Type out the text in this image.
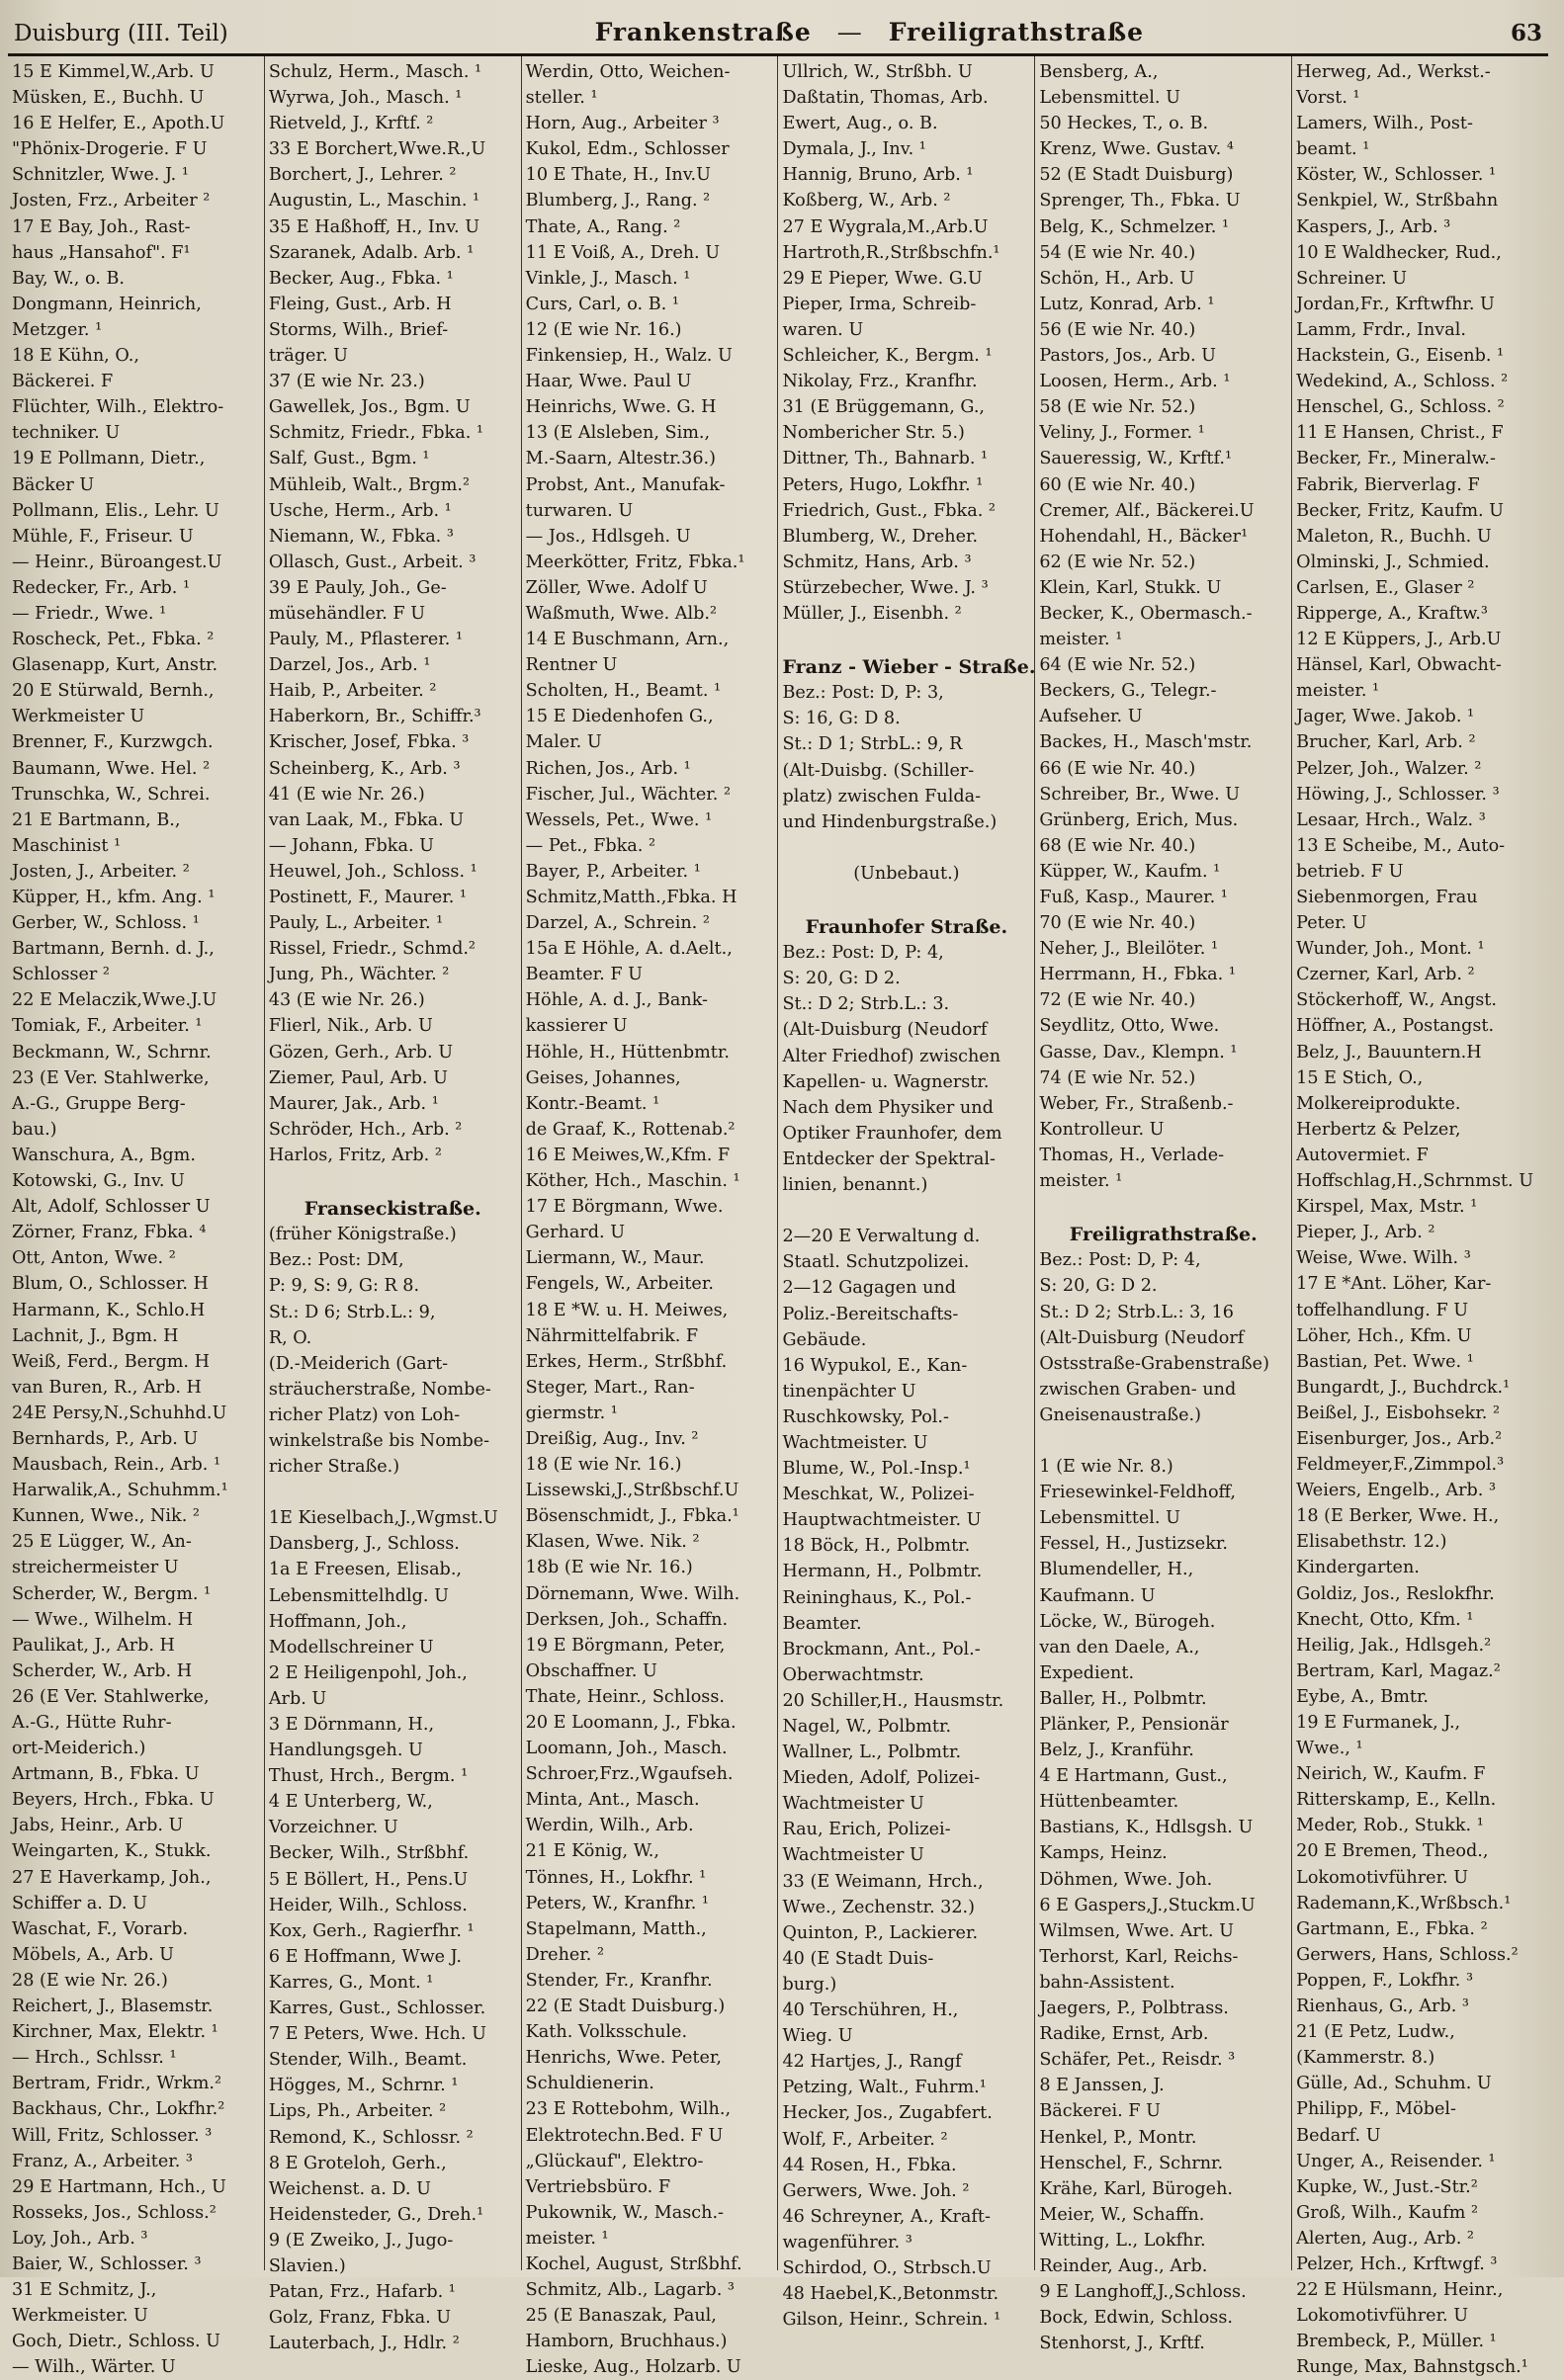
Duisburg (III. Teil)	Frankenstraße — Freiligrathstraße	63
15 E Kimmel,W.,Arb. U
Müsken, E., Buchh. U
16 E Helfer, E., Apoth.U
"Phönix-Drogerie. F U
Schnitzler, Wwe. J. ¹
Josten, Frz., Arbeiter ²
17 E Bay, Joh., Rast-
haus „Hansahof". F¹
Bay, W., o. B.
Dongmann, Heinrich,
Metzger. ¹
18 E Kühn, O.,
Bäckerei. F
Flüchter, Wilh., Elektro-
techniker. U
19 E Pollmann, Dietr.,
Bäcker U
Pollmann, Elis., Lehr. U
Mühle, F., Friseur. U
— Heinr., Büroangest.U
Redecker, Fr., Arb. ¹
— Friedr., Wwe. ¹
Roscheck, Pet., Fbka. ²
Glasenapp, Kurt, Anstr.
20 E Stürwald, Bernh.,
Werkmeister U
Brenner, F., Kurzwgch.
Baumann, Wwe. Hel. ²
Trunschka, W., Schrei.
21 E Bartmann, B.,
Maschinist ¹
Josten, J., Arbeiter. ²
Küpper, H., kfm. Ang. ¹
Gerber, W., Schloss. ¹
Bartmann, Bernh. d. J.,
Schlosser ²
22 E Melaczik,Wwe.J.U
Tomiak, F., Arbeiter. ¹
Beckmann, W., Schrnr.
23 (E Ver. Stahlwerke,
A.-G., Gruppe Berg-
bau.)
Wanschura, A., Bgm.
Kotowski, G., Inv. U
Alt, Adolf, Schlosser U
Zörner, Franz, Fbka. ⁴
Ott, Anton, Wwe. ²
Blum, O., Schlosser. H
Harmann, K., Schlo.H
Lachnit, J., Bgm. H
Weiß, Ferd., Bergm. H
van Buren, R., Arb. H
24E Persy,N.,Schuhhd.U
Bernhards, P., Arb. U
Mausbach, Rein., Arb. ¹
Harwalik,A., Schuhmm.¹
Kunnen, Wwe., Nik. ²
25 E Lügger, W., An-
streichermeister U
Scherder, W., Bergm. ¹
— Wwe., Wilhelm. H
Paulikat, J., Arb. H
Scherder, W., Arb. H
26 (E Ver. Stahlwerke,
A.-G., Hütte Ruhr-
ort-Meiderich.)
Artmann, B., Fbka. U
Beyers, Hrch., Fbka. U
Jabs, Heinr., Arb. U
Weingarten, K., Stukk.
27 E Haverkamp, Joh.,
Schiffer a. D. U
Waschat, F., Vorarb.
Möbels, A., Arb. U
28 (E wie Nr. 26.)
Reichert, J., Blasemstr.
Kirchner, Max, Elektr. ¹
— Hrch., Schlssr. ¹
Bertram, Fridr., Wrkm.²
Backhaus, Chr., Lokfhr.²
Will, Fritz, Schlosser. ³
Franz, A., Arbeiter. ³
29 E Hartmann, Hch., U
Rosseks, Jos., Schloss.²
Loy, Joh., Arb. ³
Baier, W., Schlosser. ³
31 E Schmitz, J.,
Werkmeister. U
Goch, Dietr., Schloss. U
— Wilh., Wärter. U
Schulz, Herm., Masch. ¹
Wyrwa, Joh., Masch. ¹
Rietveld, J., Krftf. ²
33 E Borchert,Wwe.R.,U
Borchert, J., Lehrer. ²
Augustin, L., Maschin. ¹
35 E Haßhoff, H., Inv. U
Szaranek, Adalb. Arb. ¹
Becker, Aug., Fbka. ¹
Fleing, Gust., Arb. H
Storms, Wilh., Brief-
träger. U
37 (E wie Nr. 23.)
Gawellek, Jos., Bgm. U
Schmitz, Friedr., Fbka. ¹
Salf, Gust., Bgm. ¹
Mühleib, Walt., Brgm.²
Usche, Herm., Arb. ¹
Niemann, W., Fbka. ³
Ollasch, Gust., Arbeit. ³
39 E Pauly, Joh., Ge-
müsehändler. F U
Pauly, M., Pflasterer. ¹
Darzel, Jos., Arb. ¹
Haib, P., Arbeiter. ²
Haberkorn, Br., Schiffr.³
Krischer, Josef, Fbka. ³
Scheinberg, K., Arb. ³
41 (E wie Nr. 26.)
van Laak, M., Fbka. U
— Johann, Fbka. U
Heuwel, Joh., Schloss. ¹
Postinett, F., Maurer. ¹
Pauly, L., Arbeiter. ¹
Rissel, Friedr., Schmd.²
Jung, Ph., Wächter. ²
43 (E wie Nr. 26.)
Flierl, Nik., Arb. U
Gözen, Gerh., Arb. U
Ziemer, Paul, Arb. U
Maurer, Jak., Arb. ¹
Schröder, Hch., Arb. ²
Harlos, Fritz, Arb. ²

Franseckistraße.
(früher Königstraße.)
Bez.: Post: DM,
P: 9, S: 9, G: R 8.
St.: D 6; Strb.L.: 9,
R, O.
(D.-Meiderich (Gart-
sträucherstraße, Nombe-
richer Platz) von Loh-
winkelstraße bis Nombe-
richer Straße.)

1E Kieselbach,J.,Wgmst.U
Dansberg, J., Schloss.
1a E Freesen, Elisab.,
Lebensmittelhdlg. U
Hoffmann, Joh.,
Modellschreiner U
2 E Heiligenpohl, Joh.,
Arb. U
3 E Dörnmann, H.,
Handlungsgeh. U
Thust, Hrch., Bergm. ¹
4 E Unterberg, W.,
Vorzeichner. U
Becker, Wilh., Strßbhf.
5 E Böllert, H., Pens.U
Heider, Wilh., Schloss.
Kox, Gerh., Ragierfhr. ¹
6 E Hoffmann, Wwe J.
Karres, G., Mont. ¹
Karres, Gust., Schlosser.
7 E Peters, Wwe. Hch. U
Stender, Wilh., Beamt.
Högges, M., Schrnr. ¹
Lips, Ph., Arbeiter. ²
Remond, K., Schlossr. ²
8 E Groteloh, Gerh.,
Weichenst. a. D. U
Heidensteder, G., Dreh.¹
9 (E Zweiko, J., Jugo-
Slavien.)
Patan, Frz., Hafarb. ¹
Golz, Franz, Fbka. U
Lauterbach, J., Hdlr. ²
Werdin, Otto, Weichen-
steller. ¹
Horn, Aug., Arbeiter ³
Kukol, Edm., Schlosser
10 E Thate, H., Inv.U
Blumberg, J., Rang. ²
Thate, A., Rang. ²
11 E Voiß, A., Dreh. U
Vinkle, J., Masch. ¹
Curs, Carl, o. B. ¹
12 (E wie Nr. 16.)
Finkensiep, H., Walz. U
Haar, Wwe. Paul U
Heinrichs, Wwe. G. H
13 (E Alsleben, Sim.,
M.-Saarn, Altestr.36.)
Probst, Ant., Manufak-
turwaren. U
— Jos., Hdlsgeh. U
Meerkötter, Fritz, Fbka.¹
Zöller, Wwe. Adolf U
Waßmuth, Wwe. Alb.²
14 E Buschmann, Arn.,
Rentner U
Scholten, H., Beamt. ¹
15 E Diedenhofen G.,
Maler. U
Richen, Jos., Arb. ¹
Fischer, Jul., Wächter. ²
Wessels, Pet., Wwe. ¹
— Pet., Fbka. ²
Bayer, P., Arbeiter. ¹
Schmitz,Matth.,Fbka. H
Darzel, A., Schrein. ²
15a E Höhle, A. d.Aelt.,
Beamter. F U
Höhle, A. d. J., Bank-
kassierer U
Höhle, H., Hüttenbmtr.
Geises, Johannes,
Kontr.-Beamt. ¹
de Graaf, K., Rottenab.²
16 E Meiwes,W.,Kfm. F
Köther, Hch., Maschin. ¹
17 E Börgmann, Wwe.
Gerhard. U
Liermann, W., Maur.
Fengels, W., Arbeiter.
18 E *W. u. H. Meiwes,
Nährmittelfabrik. F
Erkes, Herm., Strßbhf.
Steger, Mart., Ran-
giermstr. ¹
Dreißig, Aug., Inv. ²
18 (E wie Nr. 16.)
Lissewski,J.,Strßbschf.U
Bösenschmidt, J., Fbka.¹
Klasen, Wwe. Nik. ²
18b (E wie Nr. 16.)
Dörnemann, Wwe. Wilh.
Derksen, Joh., Schaffn.
19 E Börgmann, Peter,
Obschaffner. U
Thate, Heinr., Schloss.
20 E Loomann, J., Fbka.
Loomann, Joh., Masch.
Schroer,Frz.,Wgaufseh.
Minta, Ant., Masch.
Werdin, Wilh., Arb.
21 E König, W.,
Tönnes, H., Lokfhr. ¹
Peters, W., Kranfhr. ¹
Stapelmann, Matth.,
Dreher. ²
Stender, Fr., Kranfhr.
22 (E Stadt Duisburg.)
Kath. Volksschule.
Henrichs, Wwe. Peter,
Schuldienerin.
23 E Rottebohm, Wilh.,
Elektrotechn.Bed. F U
„Glückauf", Elektro-
Vertriebsbüro. F
Pukownik, W., Masch.-
meister. ¹
Kochel, August, Strßbhf.
Schmitz, Alb., Lagarb. ³
25 (E Banaszak, Paul,
Hamborn, Bruchhaus.)
Lieske, Aug., Holzarb. U
Ullrich, W., Strßbh. U
Daßtatin, Thomas, Arb.
Ewert, Aug., o. B.
Dymala, J., Inv. ¹
Hannig, Bruno, Arb. ¹
Koßberg, W., Arb. ²
27 E Wygrala,M.,Arb.U
Hartroth,R.,Strßbschfn.¹
29 E Pieper, Wwe. G.U
Pieper, Irma, Schreib-
waren. U
Schleicher, K., Bergm. ¹
Nikolay, Frz., Kranfhr.
31 (E Brüggemann, G.,
Nombericher Str. 5.)
Dittner, Th., Bahnarb. ¹
Peters, Hugo, Lokfhr. ¹
Friedrich, Gust., Fbka. ²
Blumberg, W., Dreher.
Schmitz, Hans, Arb. ³
Stürzebecher, Wwe. J. ³
Müller, J., Eisenbh. ²

Franz - Wieber - Straße.
Bez.: Post: D, P: 3,
S: 16, G: D 8.
St.: D 1; StrbL.: 9, R
(Alt-Duisbg. (Schiller-
platz) zwischen Fulda-
und Hindenburgstraße.)

(Unbebaut.)

Fraunhofer Straße.
Bez.: Post: D, P: 4,
S: 20, G: D 2.
St.: D 2; Strb.L.: 3.
(Alt-Duisburg (Neudorf
Alter Friedhof) zwischen
Kapellen- u. Wagnerstr.
Nach dem Physiker und
Optiker Fraunhofer, dem
Entdecker der Spektral-
linien, benannt.)

2—20 E Verwaltung d.
Staatl. Schutzpolizei.
2—12 Gagagen und
Poliz.-Bereitschafts-
Gebäude.
16 Wypukol, E., Kan-
tinenpächter U
Ruschkowsky, Pol.-
Wachtmeister. U
Blume, W., Pol.-Insp.¹
Meschkat, W., Polizei-
Hauptwachtmeister. U
18 Böck, H., Polbmtr.
Hermann, H., Polbmtr.
Reininghaus, K., Pol.-
Beamter.
Brockmann, Ant., Pol.-
Oberwachtmstr.
20 Schiller,H., Hausmstr.
Nagel, W., Polbmtr.
Wallner, L., Polbmtr.
Mieden, Adolf, Polizei-
Wachtmeister U
Rau, Erich, Polizei-
Wachtmeister U
33 (E Weimann, Hrch.,
Wwe., Zechenstr. 32.)
Quinton, P., Lackierer.
40 (E Stadt Duis-
burg.)
40 Terschühren, H.,
Wieg. U
42 Hartjes, J., Rangf
Petzing, Walt., Fuhrm.¹
Hecker, Jos., Zugabfert.
Wolf, F., Arbeiter. ²
44 Rosen, H., Fbka.
Gerwers, Wwe. Joh. ²
46 Schreyner, A., Kraft-
wagenführer. ³
Schirdod, O., Strbsch.U
48 Haebel,K.,Betonmstr.
Gilson, Heinr., Schrein. ¹
Bensberg, A.,
Lebensmittel. U
50 Heckes, T., o. B.
Krenz, Wwe. Gustav. ⁴
52 (E Stadt Duisburg)
Sprenger, Th., Fbka. U
Belg, K., Schmelzer. ¹
54 (E wie Nr. 40.)
Schön, H., Arb. U
Lutz, Konrad, Arb. ¹
56 (E wie Nr. 40.)
Pastors, Jos., Arb. U
Loosen, Herm., Arb. ¹
58 (E wie Nr. 52.)
Veliny, J., Former. ¹
Saueressig, W., Krftf.¹
60 (E wie Nr. 40.)
Cremer, Alf., Bäckerei.U
Hohendahl, H., Bäcker¹
62 (E wie Nr. 52.)
Klein, Karl, Stukk. U
Becker, K., Obermasch.-
meister. ¹
64 (E wie Nr. 52.)
Beckers, G., Telegr.-
Aufseher. U
Backes, H., Masch'mstr.
66 (E wie Nr. 40.)
Schreiber, Br., Wwe. U
Grünberg, Erich, Mus.
68 (E wie Nr. 40.)
Küpper, W., Kaufm. ¹
Fuß, Kasp., Maurer. ¹
70 (E wie Nr. 40.)
Neher, J., Bleilöter. ¹
Herrmann, H., Fbka. ¹
72 (E wie Nr. 40.)
Seydlitz, Otto, Wwe.
Gasse, Dav., Klempn. ¹
74 (E wie Nr. 52.)
Weber, Fr., Straßenb.-
Kontrolleur. U
Thomas, H., Verlade-
meister. ¹

Freiligrathstraße.
Bez.: Post: D, P: 4,
S: 20, G: D 2.
St.: D 2; Strb.L.: 3, 16
(Alt-Duisburg (Neudorf
Ostsstraße-Grabenstraße)
zwischen Graben- und
Gneisenaustraße.)

1 (E wie Nr. 8.)
Friesewinkel-Feldhoff,
Lebensmittel. U
Fessel, H., Justizsekr.
Blumendeller, H.,
Kaufmann. U
Löcke, W., Bürogeh.
van den Daele, A.,
Expedient.
Baller, H., Polbmtr.
Plänker, P., Pensionär
Belz, J., Kranführ.
4 E Hartmann, Gust.,
Hüttenbeamter.
Bastians, K., Hdlsgsh. U
Kamps, Heinz.
Döhmen, Wwe. Joh.
6 E Gaspers,J.,Stuckm.U
Wilmsen, Wwe. Art. U
Terhorst, Karl, Reichs-
bahn-Assistent.
Jaegers, P., Polbtrass.
Radike, Ernst, Arb.
Schäfer, Pet., Reisdr. ³
8 E Janssen, J.
Bäckerei. F U
Henkel, P., Montr.
Henschel, F., Schrnr.
Krähe, Karl, Bürogeh.
Meier, W., Schaffn.
Witting, L., Lokfhr.
Reinder, Aug., Arb.
9 E Langhoff,J.,Schloss.
Bock, Edwin, Schloss.
Stenhorst, J., Krftf.
Herweg, Ad., Werkst.-
Vorst. ¹
Lamers, Wilh., Post-
beamt. ¹
Köster, W., Schlosser. ¹
Senkpiel, W., Strßbahn
Kaspers, J., Arb. ³
10 E Waldhecker, Rud.,
Schreiner. U
Jordan,Fr., Krftwfhr. U
Lamm, Frdr., Inval.
Hackstein, G., Eisenb. ¹
Wedekind, A., Schloss. ²
Henschel, G., Schloss. ²
11 E Hansen, Christ., F
Becker, Fr., Mineralw.-
Fabrik, Bierverlag. F
Becker, Fritz, Kaufm. U
Maleton, R., Buchh. U
Olminski, J., Schmied.
Carlsen, E., Glaser ²
Ripperge, A., Kraftw.³
12 E Küppers, J., Arb.U
Hänsel, Karl, Obwacht-
meister. ¹
Jager, Wwe. Jakob. ¹
Brucher, Karl, Arb. ²
Pelzer, Joh., Walzer. ²
Höwing, J., Schlosser. ³
Lesaar, Hrch., Walz. ³
13 E Scheibe, M., Auto-
betrieb. F U
Siebenmorgen, Frau
Peter. U
Wunder, Joh., Mont. ¹
Czerner, Karl, Arb. ²
Stöckerhoff, W., Angst.
Höffner, A., Postangst.
Belz, J., Bauuntern.H
15 E Stich, O.,
Molkereiprodukte.
Herbertz & Pelzer,
Autovermiet. F
Hoffschlag,H.,Schrnmst. U
Kirspel, Max, Mstr. ¹
Pieper, J., Arb. ²
Weise, Wwe. Wilh. ³
17 E *Ant. Löher, Kar-
toffelhandlung. F U
Löher, Hch., Kfm. U
Bastian, Pet. Wwe. ¹
Bungardt, J., Buchdrck.¹
Beißel, J., Eisbohsekr. ²
Eisenburger, Jos., Arb.²
Feldmeyer,F.,Zimmpol.³
Weiers, Engelb., Arb. ³
18 (E Berker, Wwe. H.,
Elisabethstr. 12.)
Kindergarten.
Goldiz, Jos., Reslokfhr.
Knecht, Otto, Kfm. ¹
Heilig, Jak., Hdlsgeh.²
Bertram, Karl, Magaz.²
Eybe, A., Bmtr.
19 E Furmanek, J.,
Wwe., ¹
Neirich, W., Kaufm. F
Ritterskamp, E., Kelln.
Meder, Rob., Stukk. ¹
20 E Bremen, Theod.,
Lokomotivführer. U
Rademann,K.,Wrßbsch.¹
Gartmann, E., Fbka. ²
Gerwers, Hans, Schloss.²
Poppen, F., Lokfhr. ³
Rienhaus, G., Arb. ³
21 (E Petz, Ludw.,
(Kammerstr. 8.)
Gülle, Ad., Schuhm. U
Philipp, F., Möbel-
Bedarf. U
Unger, A., Reisender. ¹
Kupke, W., Just.-Str.²
Groß, Wilh., Kaufm ²
Alerten, Aug., Arb. ²
Pelzer, Hch., Krftwgf. ³
22 E Hülsmann, Heinr.,
Lokomotivführer. U
Brembeck, P., Müller. ¹
Runge, Max, Bahnstgsch.¹
